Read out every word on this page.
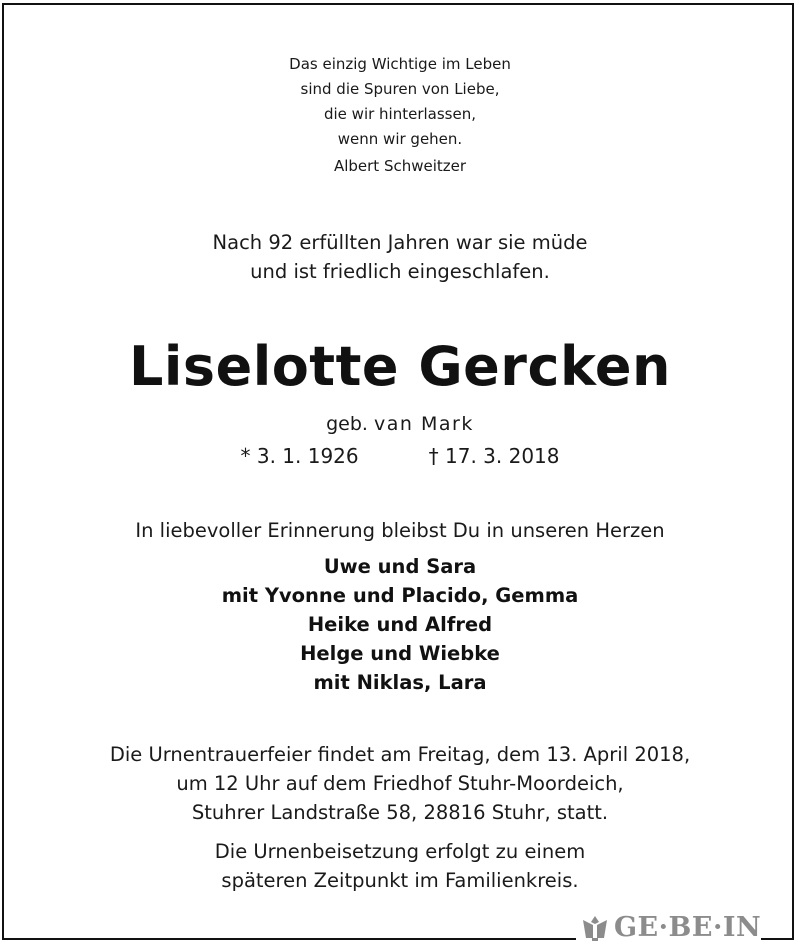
Das einzig Wichtige im Leben
sind die Spuren von Liebe,
die wir hinterlassen,
wenn wir gehen.
Albert Schweitzer
Nach 92 erfüllten Jahren war sie müde
und ist friedlich eingeschlafen.
Liselotte Gercken
geb. van Mark
* 3. 1. 1926	† 17. 3. 2018
In liebevoller Erinnerung bleibst Du in unseren Herzen
Uwe und Sara
mit Yvonne und Placido, Gemma
Heike und Alfred
Helge und Wiebke
mit Niklas, Lara
Die Urnentrauerfeier findet am Freitag, dem 13. April 2018,
um 12 Uhr auf dem Friedhof Stuhr-Moordeich,
Stuhrer Landstraße 58, 28816 Stuhr, statt.
Die Urnenbeisetzung erfolgt zu einem
späteren Zeitpunkt im Familienkreis.
GE·BE·IN
